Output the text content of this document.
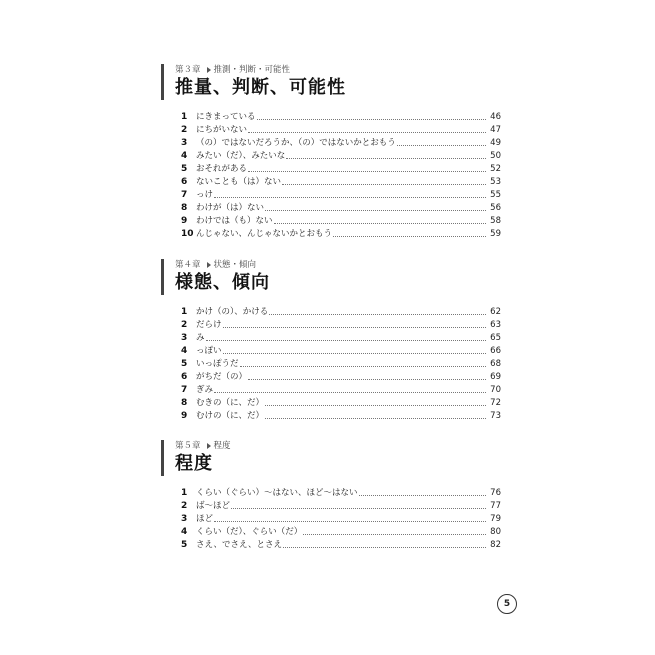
第３章 推測・判断・可能性
推量、判断、可能性
1	にきまっている	46
2	にちがいない	47
3	（の）ではないだろうか、（の）ではないかとおもう	49
4	みたい（だ）、みたいな	50
5	おそれがある	52
6	ないことも（は）ない	53
7	っけ	55
8	わけが（は）ない	56
9	わけでは（も）ない	58
10 んじゃない、んじゃないかとおもう	59
第４章 状態・傾向
様態、傾向
1	かけ（の）、かける	62
2	だらけ	63
3	み	65
4	っぽい	66
5	いっぽうだ	68
6	がちだ（の）	69
7	ぎみ	70
8	むきの（に、だ）	72
9	むけの（に、だ）	73
第５章 程度
程度
1	くらい（ぐらい）～はない、ほど～はない	76
2	ば～ほど	77
3	ほど	79
4	くらい（だ）、ぐらい（だ）	80
5	さえ、でさえ、とさえ	82
5
